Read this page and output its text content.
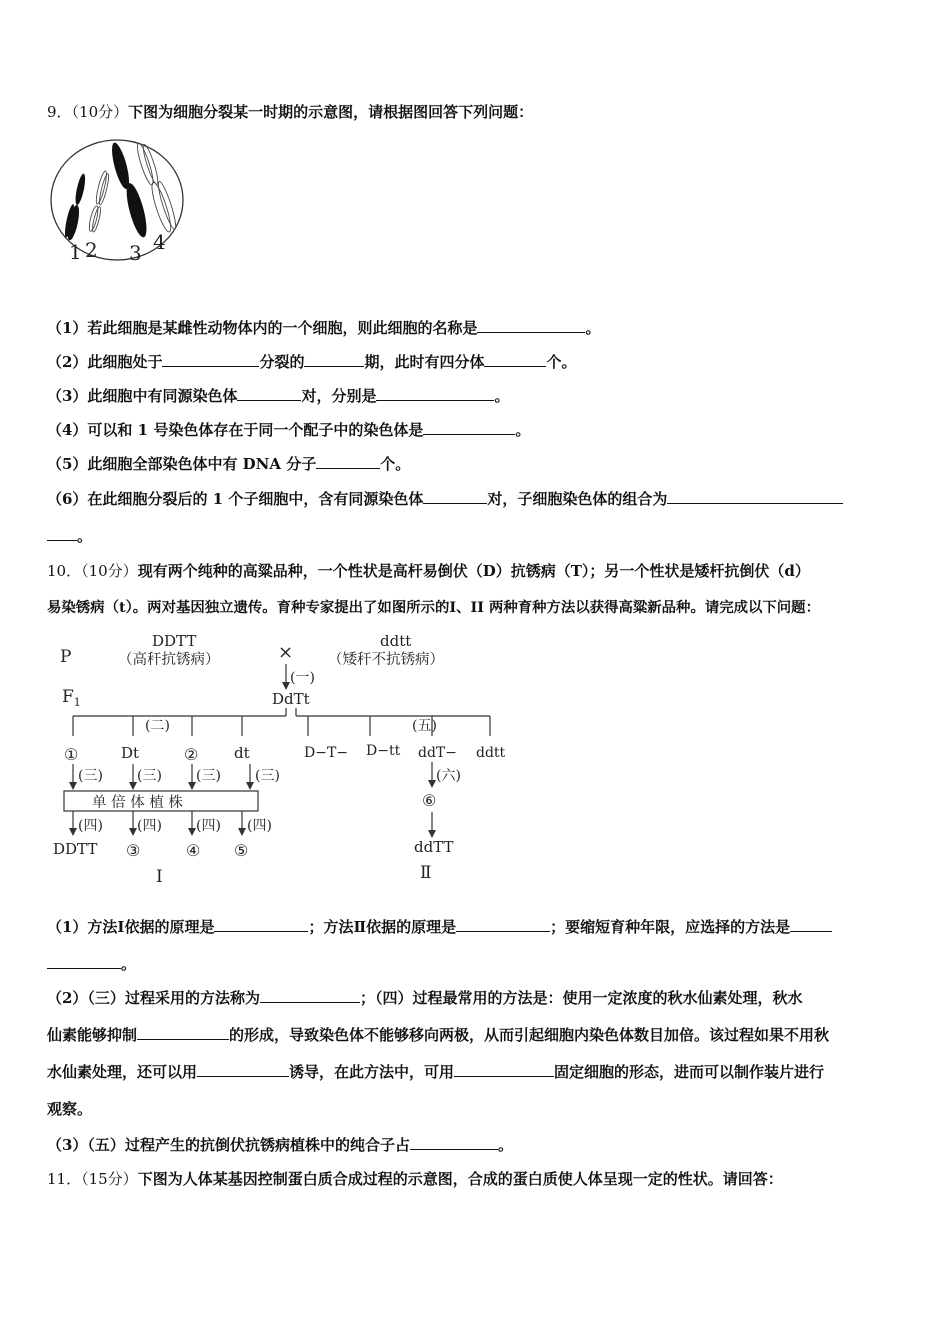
9．（10分）下图为细胞分裂某一时期的示意图，请根据图回答下列问题：
1 2 3 4
（1）若此细胞是某雌性动物体内的一个细胞，则此细胞的名称是	。
（2）此细胞处于	分裂的	期，此时有四分体	个。
（3）此细胞中有同源染色体	对，分别是	。
（4）可以和 1 号染色体存在于同一个配子中的染色体是	。
（5）此细胞全部染色体中有 DNA 分子	个。
（6）在此细胞分裂后的 1 个子细胞中，含有同源染色体	对，子细胞染色体的组合为
。
10．（10分）现有两个纯种的高粱品种，一个性状是高杆易倒伏（D）抗锈病（T）；另一个性状是矮杆抗倒伏（d）
易染锈病（t）。两对基因独立遗传。育种专家提出了如图所示的I、II 两种育种方法以获得高粱新品种。请完成以下问题：
P
$F_1$
DDTT
（高秆抗锈病）	×
ddtt
（矮秆不抗锈病）
(一)
DdTt
(二)	(五)
①	Dt	② dt	D−T− D−tt ddT− ddtt
(三) (三) (三) (三)
单 倍 体 植 株
(四) (四) (四) (四)
DDTT ③	④ ⑤
(六)
⑥
ddTT
Ⅰ	Ⅱ
（1）方法Ⅰ依据的原理是	；方法Ⅱ依据的原理是	；要缩短育种年限，应选择的方法是
。
（2）（三）过程采用的方法称为	；（四）过程最常用的方法是：使用一定浓度的秋水仙素处理，秋水
仙素能够抑制	的形成，导致染色体不能够移向两极，从而引起细胞内染色体数目加倍。该过程如果不用秋
水仙素处理，还可以用	诱导，在此方法中，可用	固定细胞的形态，进而可以制作装片进行
观察。
（3）（五）过程产生的抗倒伏抗锈病植株中的纯合子占	。
11．（15分）下图为人体某基因控制蛋白质合成过程的示意图，合成的蛋白质使人体呈现一定的性状。请回答：
